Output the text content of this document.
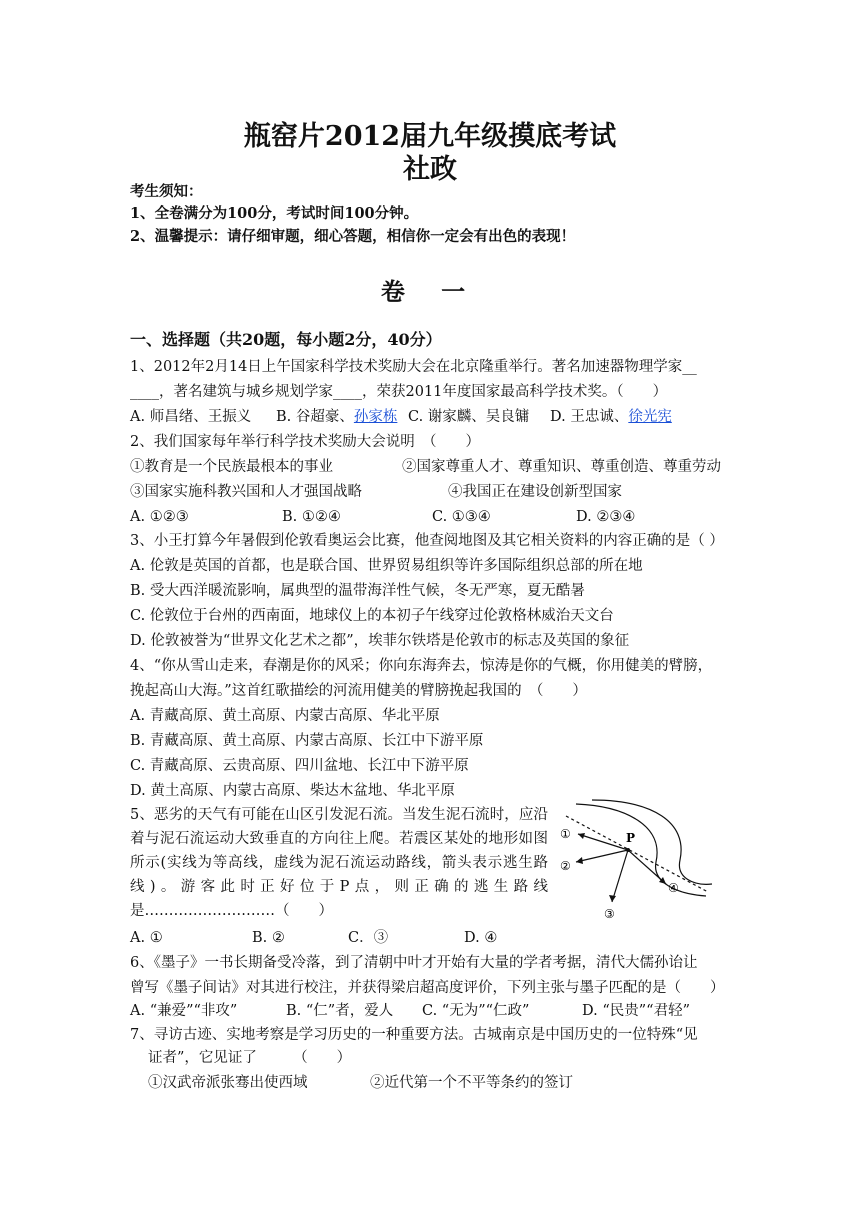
瓶窑片2012届九年级摸底考试
社政
考生须知：
1、全卷满分为100分，考试时间100分钟。
2、温馨提示：请仔细审题，细心答题，相信你一定会有出色的表现！
卷 一
一、选择题（共20题，每小题2分，40分）
1、2012年2月14日上午国家科学技术奖励大会在北京隆重举行。著名加速器物理学家__
____，著名建筑与城乡规划学家____，荣获2011年度国家最高科学技术奖。（　　）
A. 师昌绪、王振义 B. 谷超豪、孙家栋 C. 谢家麟、吴良镛 D. 王忠诚、徐光宪
2、我们国家每年举行科学技术奖励大会说明　（　　）
①教育是一个民族最根本的事业	②国家尊重人才、尊重知识、尊重创造、尊重劳动
③国家实施科教兴国和人才强国战略	④我国正在建设创新型国家
A. ①②③	B. ①②④	C. ①③④	D. ②③④
3、小王打算今年暑假到伦敦看奥运会比赛，他查阅地图及其它相关资料的内容正确的是（ ）
A. 伦敦是英国的首都，也是联合国、世界贸易组织等许多国际组织总部的所在地
B. 受大西洋暖流影响，属典型的温带海洋性气候，冬无严寒，夏无酷暑
C. 伦敦位于台州的西南面，地球仪上的本初子午线穿过伦敦格林威治天文台
D. 伦敦被誉为“世界文化艺术之都”，埃菲尔铁塔是伦敦市的标志及英国的象征
4、“你从雪山走来，春潮是你的风采；你向东海奔去，惊涛是你的气概，你用健美的臂膀，
挽起高山大海。”这首红歌描绘的河流用健美的臂膀挽起我国的　（　　）
A. 青藏高原、黄土高原、内蒙古高原、华北平原
B. 青藏高原、黄土高原、内蒙古高原、长江中下游平原
C. 青藏高原、云贵高原、四川盆地、长江中下游平原
D. 黄土高原、内蒙古高原、柴达木盆地、华北平原
5、恶劣的天气有可能在山区引发泥石流。当发生泥石流时，应沿着与泥石流运动大致垂直的方向往上爬。若震区某处的地形如图所示(实线为等高线，虚线为泥石流运动路线，箭头表示逃生路线)。游客此时正好位于P点，则正确的逃生路线是………………………（　　）
A. ①	B. ②	C．③	D. ④
P
①
②
③
④
6、《墨子》一书长期备受冷落，到了清朝中叶才开始有大量的学者考据，清代大儒孙诒让
曾写《墨子间诂》对其进行校注，并获得梁启超高度评价，下列主张与墨子匹配的是（　　）
A. “兼爱”“非攻”	B. “仁”者，爱人 C. “无为”“仁政”	D. “民贵”“君轻”
7、寻访古迹、实地考察是学习历史的一种重要方法。古城南京是中国历史的一位特殊“见
证者”，它见证了　　　（　　）
①汉武帝派张骞出使西域	②近代第一个不平等条约的签订
